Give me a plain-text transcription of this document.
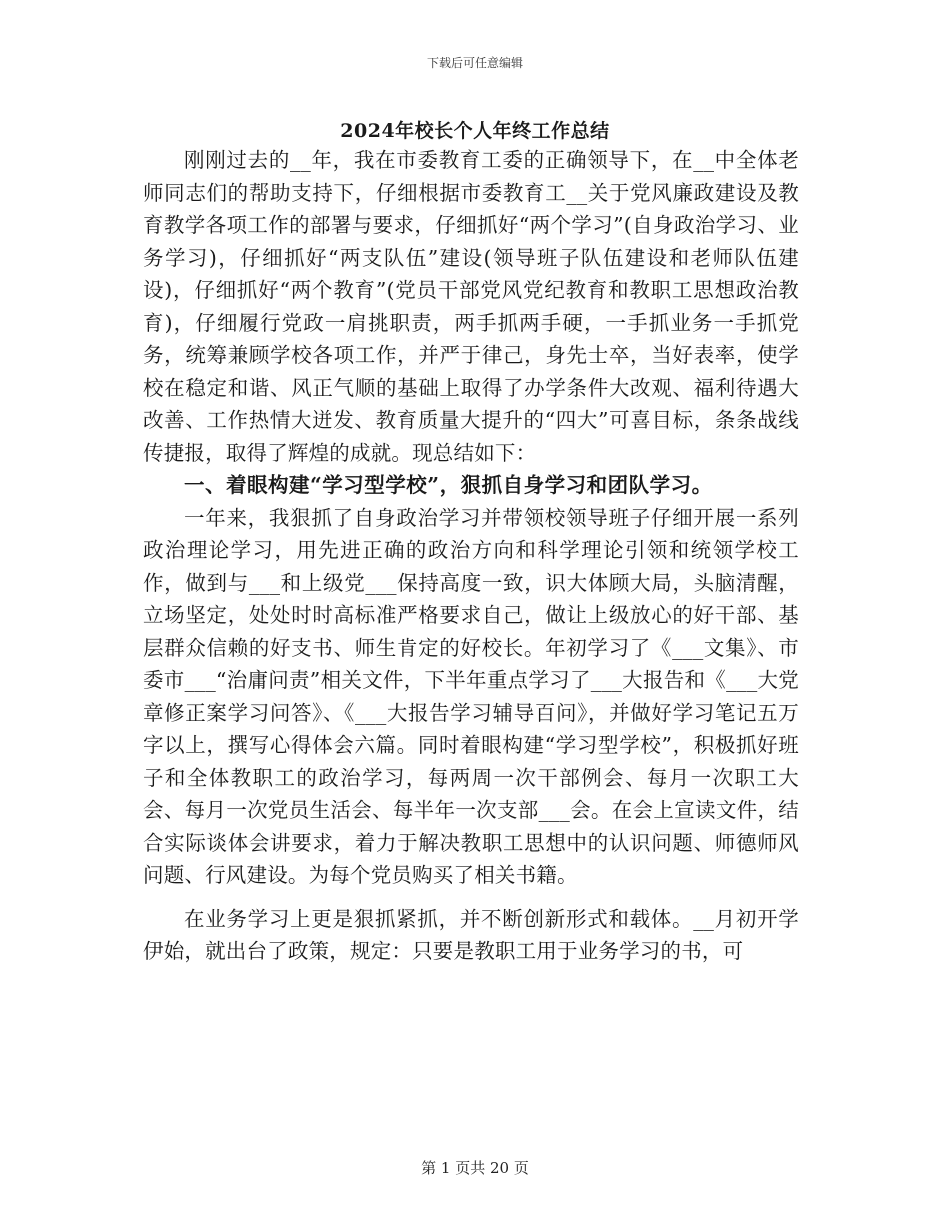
下载后可任意编辑
2024年校长个人年终工作总结

刚刚过去的__年，我在市委教育工委的正确领导下，在__中全体老师同志们的帮助支持下，仔细根据市委教育工__关于党风廉政建设及教育教学各项工作的部署与要求，仔细抓好“两个学习”(自身政治学习、业务学习)，仔细抓好“两支队伍”建设(领导班子队伍建设和老师队伍建设)，仔细抓好“两个教育”(党员干部党风党纪教育和教职工思想政治教育)，仔细履行党政一肩挑职责，两手抓两手硬，一手抓业务一手抓党务，统筹兼顾学校各项工作，并严于律己，身先士卒，当好表率，使学校在稳定和谐、风正气顺的基础上取得了办学条件大改观、福利待遇大改善、工作热情大迸发、教育质量大提升的“四大”可喜目标，条条战线传捷报，取得了辉煌的成就。现总结如下：

一、着眼构建“学习型学校”，狠抓自身学习和团队学习。

一年来，我狠抓了自身政治学习并带领校领导班子仔细开展一系列政治理论学习，用先进正确的政治方向和科学理论引领和统领学校工作，做到与___和上级党___保持高度一致，识大体顾大局，头脑清醒，立场坚定，处处时时高标准严格要求自己，做让上级放心的好干部、基层群众信赖的好支书、师生肯定的好校长。年初学习了《___文集》、市委市___“治庸问责”相关文件，下半年重点学习了___大报告和《___大党章修正案学习问答》、《___大报告学习辅导百问》，并做好学习笔记五万字以上，撰写心得体会六篇。同时着眼构建“学习型学校”，积极抓好班子和全体教职工的政治学习，每两周一次干部例会、每月一次职工大会、每月一次党员生活会、每半年一次支部___会。在会上宣读文件，结合实际谈体会讲要求，着力于解决教职工思想中的认识问题、师德师风问题、行风建设。为每个党员购买了相关书籍。

在业务学习上更是狠抓紧抓，并不断创新形式和载体。__月初开学伊始，就出台了政策，规定：只要是教职工用于业务学习的书，可

第 1 页共 20 页
